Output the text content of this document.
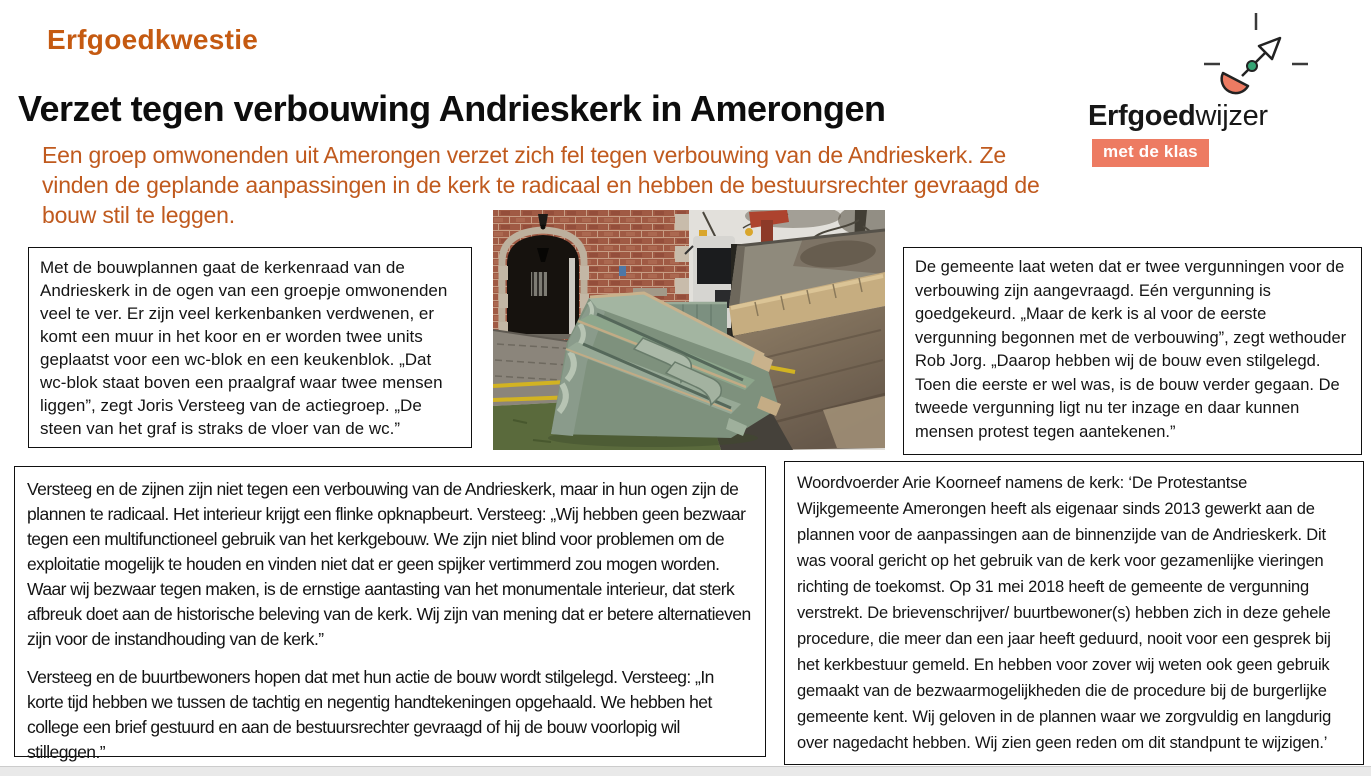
Erfgoedkwestie
Verzet tegen verbouwing Andrieskerk in Amerongen
Een groep omwonenden uit Amerongen verzet zich fel tegen verbouwing van de Andrieskerk. Ze vinden de geplande aanpassingen in de kerk te radicaal en hebben de bestuursrechter gevraagd de bouw stil te leggen.
Erfgoedwijzer
met de klas

Met de bouwplannen gaat de kerkenraad van de Andrieskerk in de ogen van een groepje omwonenden veel te ver. Er zijn veel kerkenbanken verdwenen, er komt een muur in het koor en er worden twee units geplaatst voor een wc-blok en een keukenblok. „Dat wc-blok staat boven een praalgraf waar twee mensen liggen”, zegt Joris Versteeg van de actiegroep. „De steen van het graf is straks de vloer van de wc.”

De gemeente laat weten dat er twee vergunningen voor de verbouwing zijn aangevraagd. Eén vergunning is goedgekeurd. „Maar de kerk is al voor de eerste vergunning begonnen met de verbouwing”, zegt wethouder Rob Jorg. „Daarop hebben wij de bouw even stilgelegd. Toen die eerste er wel was, is de bouw verder gegaan. De tweede vergunning ligt nu ter inzage en daar kunnen mensen protest tegen aantekenen.”

Versteeg en de zijnen zijn niet tegen een verbouwing van de Andrieskerk, maar in hun ogen zijn de plannen te radicaal. Het interieur krijgt een flinke opknapbeurt. Versteeg: „Wij hebben geen bezwaar tegen een multifunctioneel gebruik van het kerkgebouw. We zijn niet blind voor problemen om de exploitatie mogelijk te houden en vinden niet dat er geen spijker vertimmerd zou mogen worden. Waar wij bezwaar tegen maken, is de ernstige aantasting van het monumentale interieur, dat sterk afbreuk doet aan de historische beleving van de kerk. Wij zijn van mening dat er betere alternatieven zijn voor de instandhouding van de kerk.”

Versteeg en de buurtbewoners hopen dat met hun actie de bouw wordt stilgelegd. Versteeg: „In korte tijd hebben we tussen de tachtig en negentig handtekeningen opgehaald. We hebben het college een brief gestuurd en aan de bestuursrechter gevraagd of hij de bouw voorlopig wil stilleggen.”

Woordvoerder Arie Koorneef namens de kerk: ‘De Protestantse Wijkgemeente Amerongen heeft als eigenaar sinds 2013 gewerkt aan de plannen voor de aanpassingen aan de binnenzijde van de Andrieskerk. Dit was vooral gericht op het gebruik van de kerk voor gezamenlijke vieringen richting de toekomst. Op 31 mei 2018 heeft de gemeente de vergunning verstrekt. De brievenschrijver/ buurtbewoner(s) hebben zich in deze gehele procedure, die meer dan een jaar heeft geduurd, nooit voor een gesprek bij het kerkbestuur gemeld. En hebben voor zover wij weten ook geen gebruik gemaakt van de bezwaarmogelijkheden die de procedure bij de burgerlijke gemeente kent. Wij geloven in de plannen waar we zorgvuldig en langdurig over nagedacht hebben. Wij zien geen reden om dit standpunt te wijzigen.’
